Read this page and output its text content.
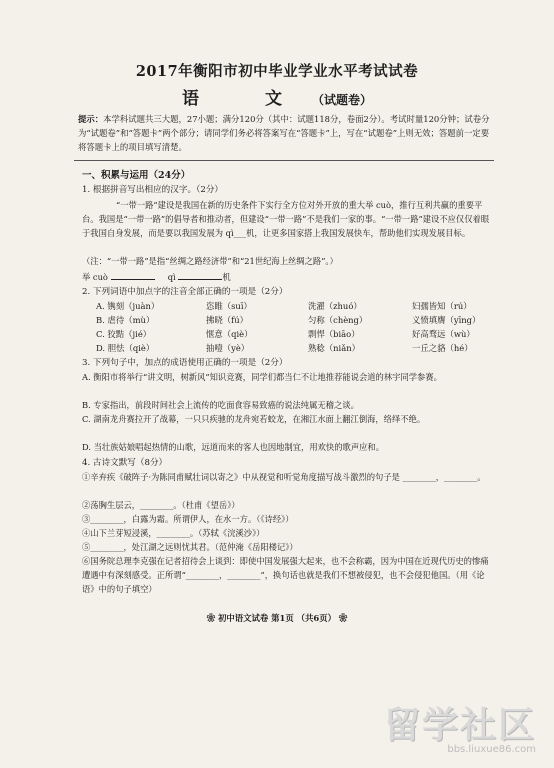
2017年衡阳市初中毕业学业水平考试试卷
语 文（试题卷）
提示：本学科试题共三大题，27小题；满分120分（其中：试题118分，卷面2分）。考试时量120分钟；试卷分为“试题卷”和“答题卡”两个部分；请同学们务必将答案写在“答题卡”上，写在“试题卷”上则无效；答题前一定要将答题卡上的项目填写清楚。
一、积累与运用（24分）
1. 根据拼音写出相应的汉字。（2分）
“一带一路”建设是我国在新的历史条件下实行全方位对外开放的重大举 cuò，推行互利共赢的重要平台。我国是“一带一路”的倡导者和推动者，但建设“一带一路”不是我们一家的事。“一带一路”建设不应仅仅着眼于我国自身发展，而是要以我国发展为 qì___机，让更多国家搭上我国发展快车，帮助他们实现发展目标。
（注：“一带一路”是指“丝绸之路经济带”和“21世纪海上丝绸之路”。）
举 cuò	qì	机
2. 下列词语中加点字的注音全部正确的一项是（2分）
A. 镌刻（juàn）	恣睢（suī）	洗濯（zhuó）	妇孺皆知（rú）
B. 虐待（mù）	拂晓（fú）	匀称（chèng）	义愤填膺（yīng）
C. 狡黠（jié）	惬意（qiè）	剽悍（biāo）	好高骛远（wù）
D. 胆怯（qiè）	抽噎（yè）	熟稔（niǎn）	一丘之貉（hé）
3. 下列句子中，加点的成语使用正确的一项是（2分）
A. 衡阳市将举行“讲文明，树新风”知识竞赛，同学们都当仁不让地推荐能说会道的林宇同学参赛。
B. 专家指出，前段时间社会上流传的吃面食容易致癌的说法纯属无稽之谈。
C. 湖南龙舟赛拉开了战幕，一只只疾驰的龙舟宛若蛟龙，在湘江水面上翻江倒海，络绎不绝。
D. 当壮族姑娘唱起热情的山歌，远道而来的客人也因地制宜，用欢快的歌声应和。
4. 古诗文默写（8分）
①辛弃疾《破阵子·为陈同甫赋壮词以寄之》中从视觉和听觉角度描写战斗激烈的句子是 ________，________。
②荡胸生层云，________。（杜甫《望岳》）
③________，白露为霜。所谓伊人，在水一方。（《诗经》）
④山下兰芽短浸溪，________。（苏轼《浣溪沙》）
⑤________，处江湖之远则忧其君。（范仲淹《岳阳楼记》）
⑥国务院总理李克强在记者招待会上谈到：即使中国发展强大起来，也不会称霸，因为中国在近现代历史的惨痛遭遇中有深刻感受。正所谓“________，________”，换句话也就是我们不想被侵犯，也不会侵犯他国。（用《论语》中的句子填空）
❀ 初中语文试卷 第1页 （共6页） ❀
留学社区
bbs.liuxue86.com
